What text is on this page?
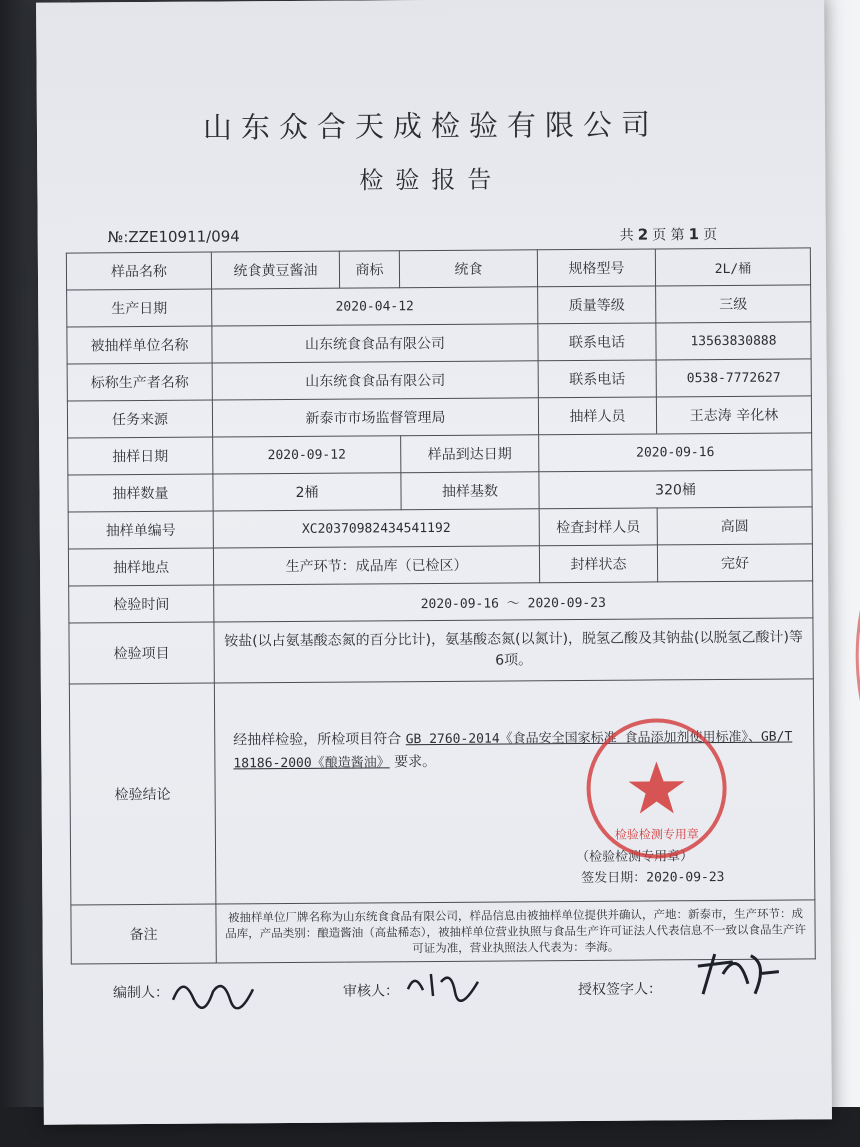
山东众合天成检验有限公司
检验报告
№:ZZE10911/094	共 2 页 第 1 页
样品名称	统食黄豆酱油	商标	统食	规格型号	2L/桶
生产日期	2020-04-12			质量等级	三级
被抽样单位名称	山东统食食品有限公司			联系电话	13563830888
标称生产者名称	山东统食食品有限公司			联系电话	0538-7772627
任务来源	新泰市市场监督管理局			抽样人员	王志涛 辛化林
抽样日期	2020-09-12		样品到达日期	2020-09-16	
抽样数量	2桶		抽样基数	320桶	
抽样单编号	XC20370982434541192			检査封样人员	高圆
抽样地点	生产环节：成品库（已检区）			封样状态	完好
检验时间	2020-09-16 ～ 2020-09-23				
检验项目	铵盐(以占氨基酸态氮的百分比计)，氨基酸态氮(以氮计)，脱氢乙酸及其钠盐(以脱氢乙酸计)等6项。				
检验结论	经抽样检验，所检项目符合 GB 2760-2014《食品安全国家标准 食品添加剂使用标准》、GB/T 18186-2000《酿造酱油》 要求。
（检验检测专用章）
签发日期：2020-09-23				

备注	被抽样单位厂牌名称为山东统食食品有限公司，样品信息由被抽样单位提供并确认，产地：新泰市，生产环节：成品库，产品类别：酿造酱油（高盐稀态），被抽样单位营业执照与食品生产许可证法人代表信息不一致以食品生产许可证为准，营业执照法人代表为：李海。				
检验检测专用章
编制人：	审核人：	授权签字人：
